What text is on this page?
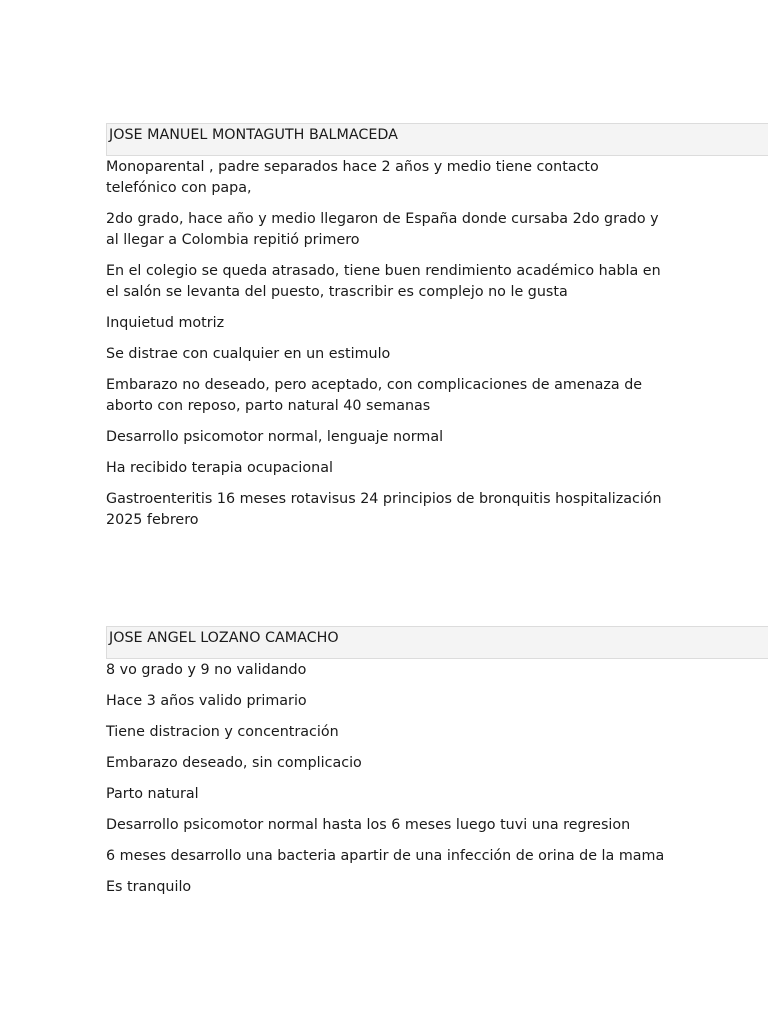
JOSE MANUEL MONTAGUTH BALMACEDA

Monoparental , padre separados hace 2 años y medio tiene contacto telefónico con papa,

2do grado, hace año y medio llegaron de España donde cursaba 2do grado y al llegar a Colombia repitió primero

En el colegio se queda atrasado, tiene buen rendimiento académico habla en el salón se levanta del puesto, trascribir es complejo no le gusta

Inquietud motriz

Se distrae con cualquier en un estimulo

Embarazo no deseado, pero aceptado, con complicaciones de amenaza de aborto con reposo, parto natural 40 semanas

Desarrollo psicomotor normal, lenguaje normal

Ha recibido terapia ocupacional

Gastroenteritis 16 meses rotavisus 24 principios de bronquitis hospitalización 2025 febrero

JOSE ANGEL LOZANO CAMACHO

8 vo grado y 9 no validando

Hace 3 años valido primario

Tiene distracion y concentración

Embarazo deseado, sin complicacio

Parto natural

Desarrollo psicomotor normal hasta los 6 meses luego tuvi una regresion

6 meses desarrollo una bacteria apartir de una infección de orina de la mama

Es tranquilo
